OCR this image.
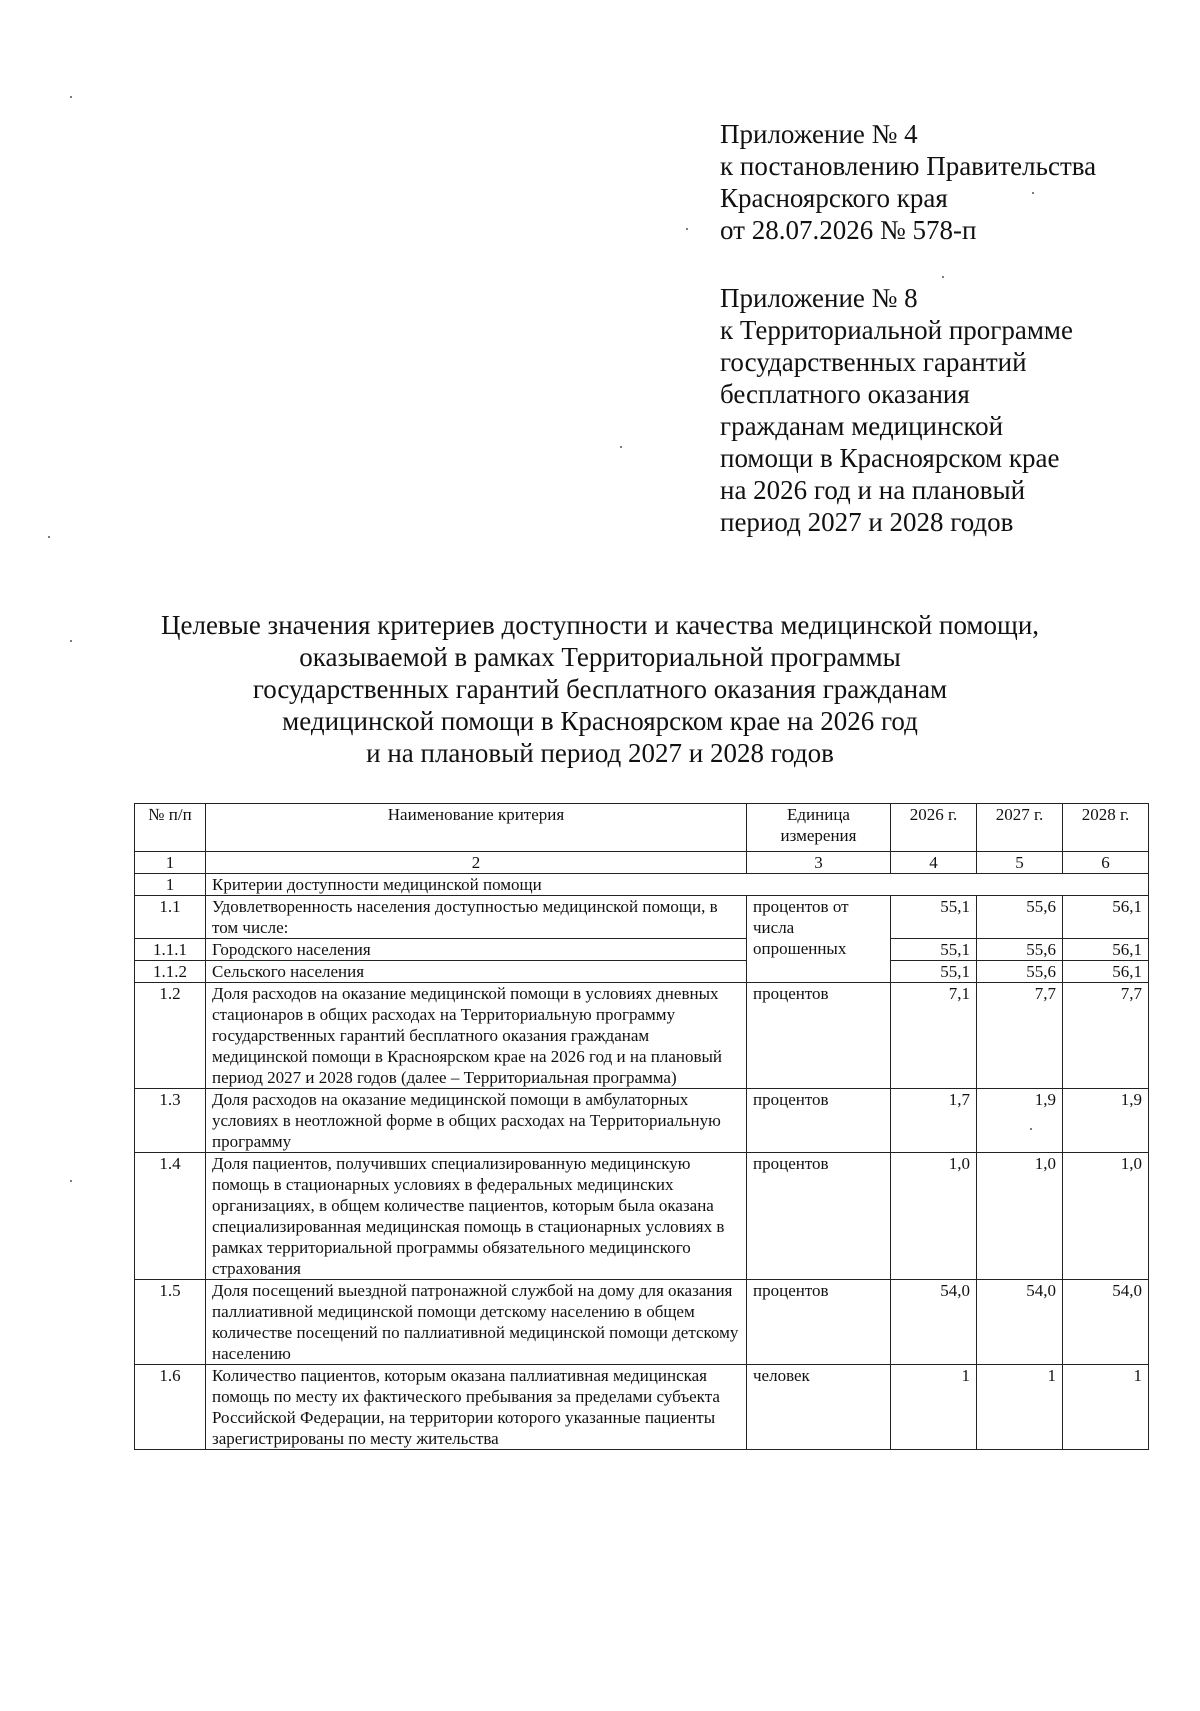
Приложение № 4
к постановлению Правительства
Красноярского края
от 28.07.2026 № 578-п
Приложение № 8
к Территориальной программе
государственных гарантий
бесплатного оказания
гражданам медицинской
помощи в Красноярском крае
на 2026 год и на плановый
период 2027 и 2028 годов
Целевые значения критериев доступности и качества медицинской помощи,
оказываемой в рамках Территориальной программы
государственных гарантий бесплатного оказания гражданам
медицинской помощи в Красноярском крае на 2026 год
и на плановый период 2027 и 2028 годов
№ п/п	Наименование критерия	Единица измерения	2026 г.	2027 г.	2028 г.
1	2	3	4	5	6
1	Критерии доступности медицинской помощи				
1.1	Удовлетворенность населения доступностью медицинской помощи, в том числе:	процентов от числа опрошенных	55,1	55,6	56,1
1.1.1	Городского населения		55,1	55,6	56,1
1.1.2	Сельского населения		55,1	55,6	56,1
1.2	Доля расходов на оказание медицинской помощи в условиях дневных стационаров в общих расходах на Территориальную программу государственных гарантий бесплатного оказания гражданам медицинской помощи в Красноярском крае на 2026 год и на плановый период 2027 и 2028 годов (далее – Территориальная программа)	процентов	7,1	7,7	7,7
1.3	Доля расходов на оказание медицинской помощи в амбулаторных условиях в неотложной форме в общих расходах на Территориальную программу	процентов	1,7	1,9	1,9
1.4	Доля пациентов, получивших специализированную медицинскую помощь в стационарных условиях в федеральных медицинских организациях, в общем количестве пациентов, которым была оказана специализированная медицинская помощь в стационарных условиях в рамках территориальной программы обязательного медицинского страхования	процентов	1,0	1,0	1,0
1.5	Доля посещений выездной патронажной службой на дому для оказания паллиативной медицинской помощи детскому населению в общем количестве посещений по паллиативной медицинской помощи детскому населению	процентов	54,0	54,0	54,0
1.6	Количество пациентов, которым оказана паллиативная медицинская помощь по месту их фактического пребывания за пределами субъекта Российской Федерации, на территории которого указанные пациенты зарегистрированы по месту жительства	человек	1	1	1
